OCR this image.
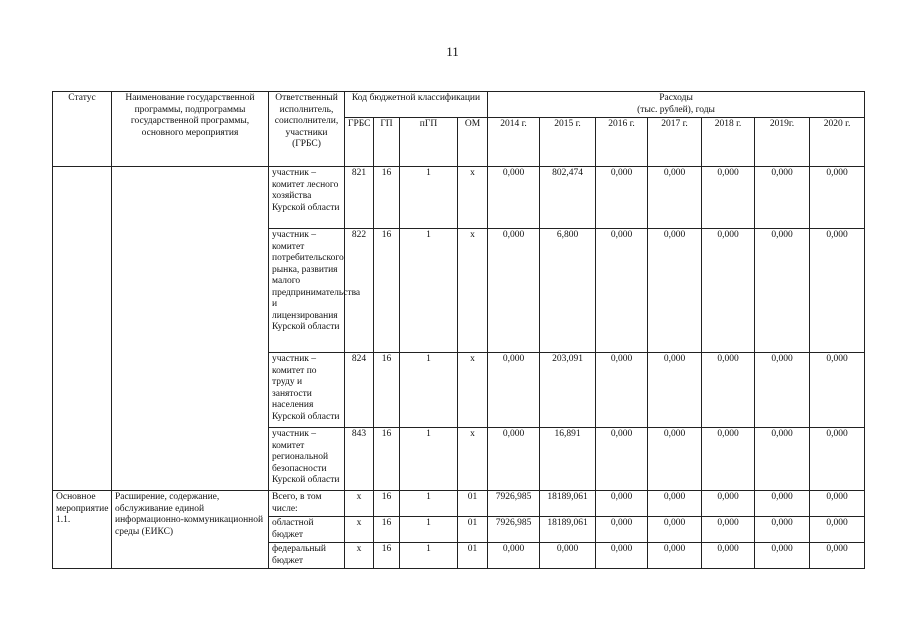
11
Статус	Наименование государственной программы, подпрограммы государственной программы, основного мероприятия	Ответственный исполнитель, соисполнители, участники (ГРБС)	Код бюджетной классификации				Расходы
(тыс. рублей), годы						
			ГРБС	ГП	пГП	ОМ	2014 г.	2015 г.	2016 г.	2017 г.	2018 г.	2019г.	2020 г.
		участник – комитет лесного хозяйства Курской области	821	16	1	х	0,000	802,474	0,000	0,000	0,000	0,000	0,000
		участник – комитет потребительского рынка, развития малого предпринимательства и лицензирования Курской области	822	16	1	х	0,000	6,800	0,000	0,000	0,000	0,000	0,000
		участник – комитет по труду и занятости населения Курской области	824	16	1	х	0,000	203,091	0,000	0,000	0,000	0,000	0,000
		участник – комитет региональной безопасности Курской области	843	16	1	х	0,000	16,891	0,000	0,000	0,000	0,000	0,000
Основное мероприятие 1.1.	Расширение, содержание, обслуживание единой информационно-коммуникационной среды (ЕИКС)	Всего, в том числе:	х	16	1	01	7926,985	18189,061	0,000	0,000	0,000	0,000	0,000
		областной бюджет	х	16	1	01	7926,985	18189,061	0,000	0,000	0,000	0,000	0,000
		федеральный бюджет	х	16	1	01	0,000	0,000	0,000	0,000	0,000	0,000	0,000
